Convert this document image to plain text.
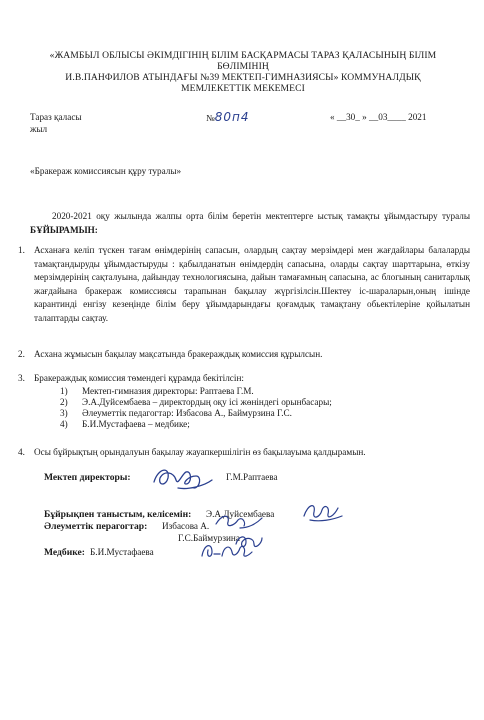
«ЖАМБЫЛ ОБЛЫСЫ ӘКІМДІГІНІҢ БІЛІМ БАСҚАРМАСЫ ТАРАЗ ҚАЛАСЫНЫҢ БІЛІМ
БӨЛІМІНІҢ
И.В.ПАНФИЛОВ АТЫНДАҒЫ №39 МЕКТЕП-ГИМНАЗИЯСЫ» КОММУНАЛДЫҚ
МЕМЛЕКЕТТІК МЕКЕМЕСІ
Тараз қаласы
жыл
№80п4	« __30_ » __03____ 2021
«Бракераж комиссиясын құру туралы»
2020-2021 оқу жылында жалпы орта білім беретін мектептерге ыстық тамақты ұйымдастыру туралы БҰЙЫРАМЫН:
1. Асханаға келіп түскен тағам өнімдерінің сапасын, олардың сақтау мерзімдері мен жағдайлары балаларды тамақтандыруды ұйымдастыруды : қабылданатын өнімдердің сапасына, оларды сақтау шарттарына, өткізу мерзімдерінің сақталуына, дайындау технологиясына, дайын тамағамның сапасына, ас блогының санитарлық жағдайына бракераж комиссиясы тарапынан бақылау жүргізілсін.Шектеу іс-шараларын,оның ішінде карантиндi енгізу кезеңінде білім беру ұйымдарындағы қоғамдық тамақтану обьектілеріне қойылатын талаптарды сақтау.
2. Асхана жұмысын бақылау мақсатында бракераждық комиссия құрылсын.
3. Бракераждық комиссия төмендегі құрамда бекітілсін:
1)	Мектеп-гимназия директоры: Раптаева Г.М.
2)	Э.А.Дуйсембаева – директордың оқу ісі жөніндегі орынбасары;
3)	Әлеуметтік педагогтар: Избасова А., Баймурзина Г.С.
4)	Б.И.Мустафаева – медбике;
4. Осы бұйрықтың орындалуын бақылау жауапкершілігін өз бақылауыма қалдырамын.
Мектеп директоры:	Г.М.Раптаева
Бұйрықпен таныстым, келісемін: Э.А.Дуйсембаева
Әлеуметтік перагогтар: Избасова А.
Г.С.Баймурзина
Медбике: Б.И.Мустафаева
